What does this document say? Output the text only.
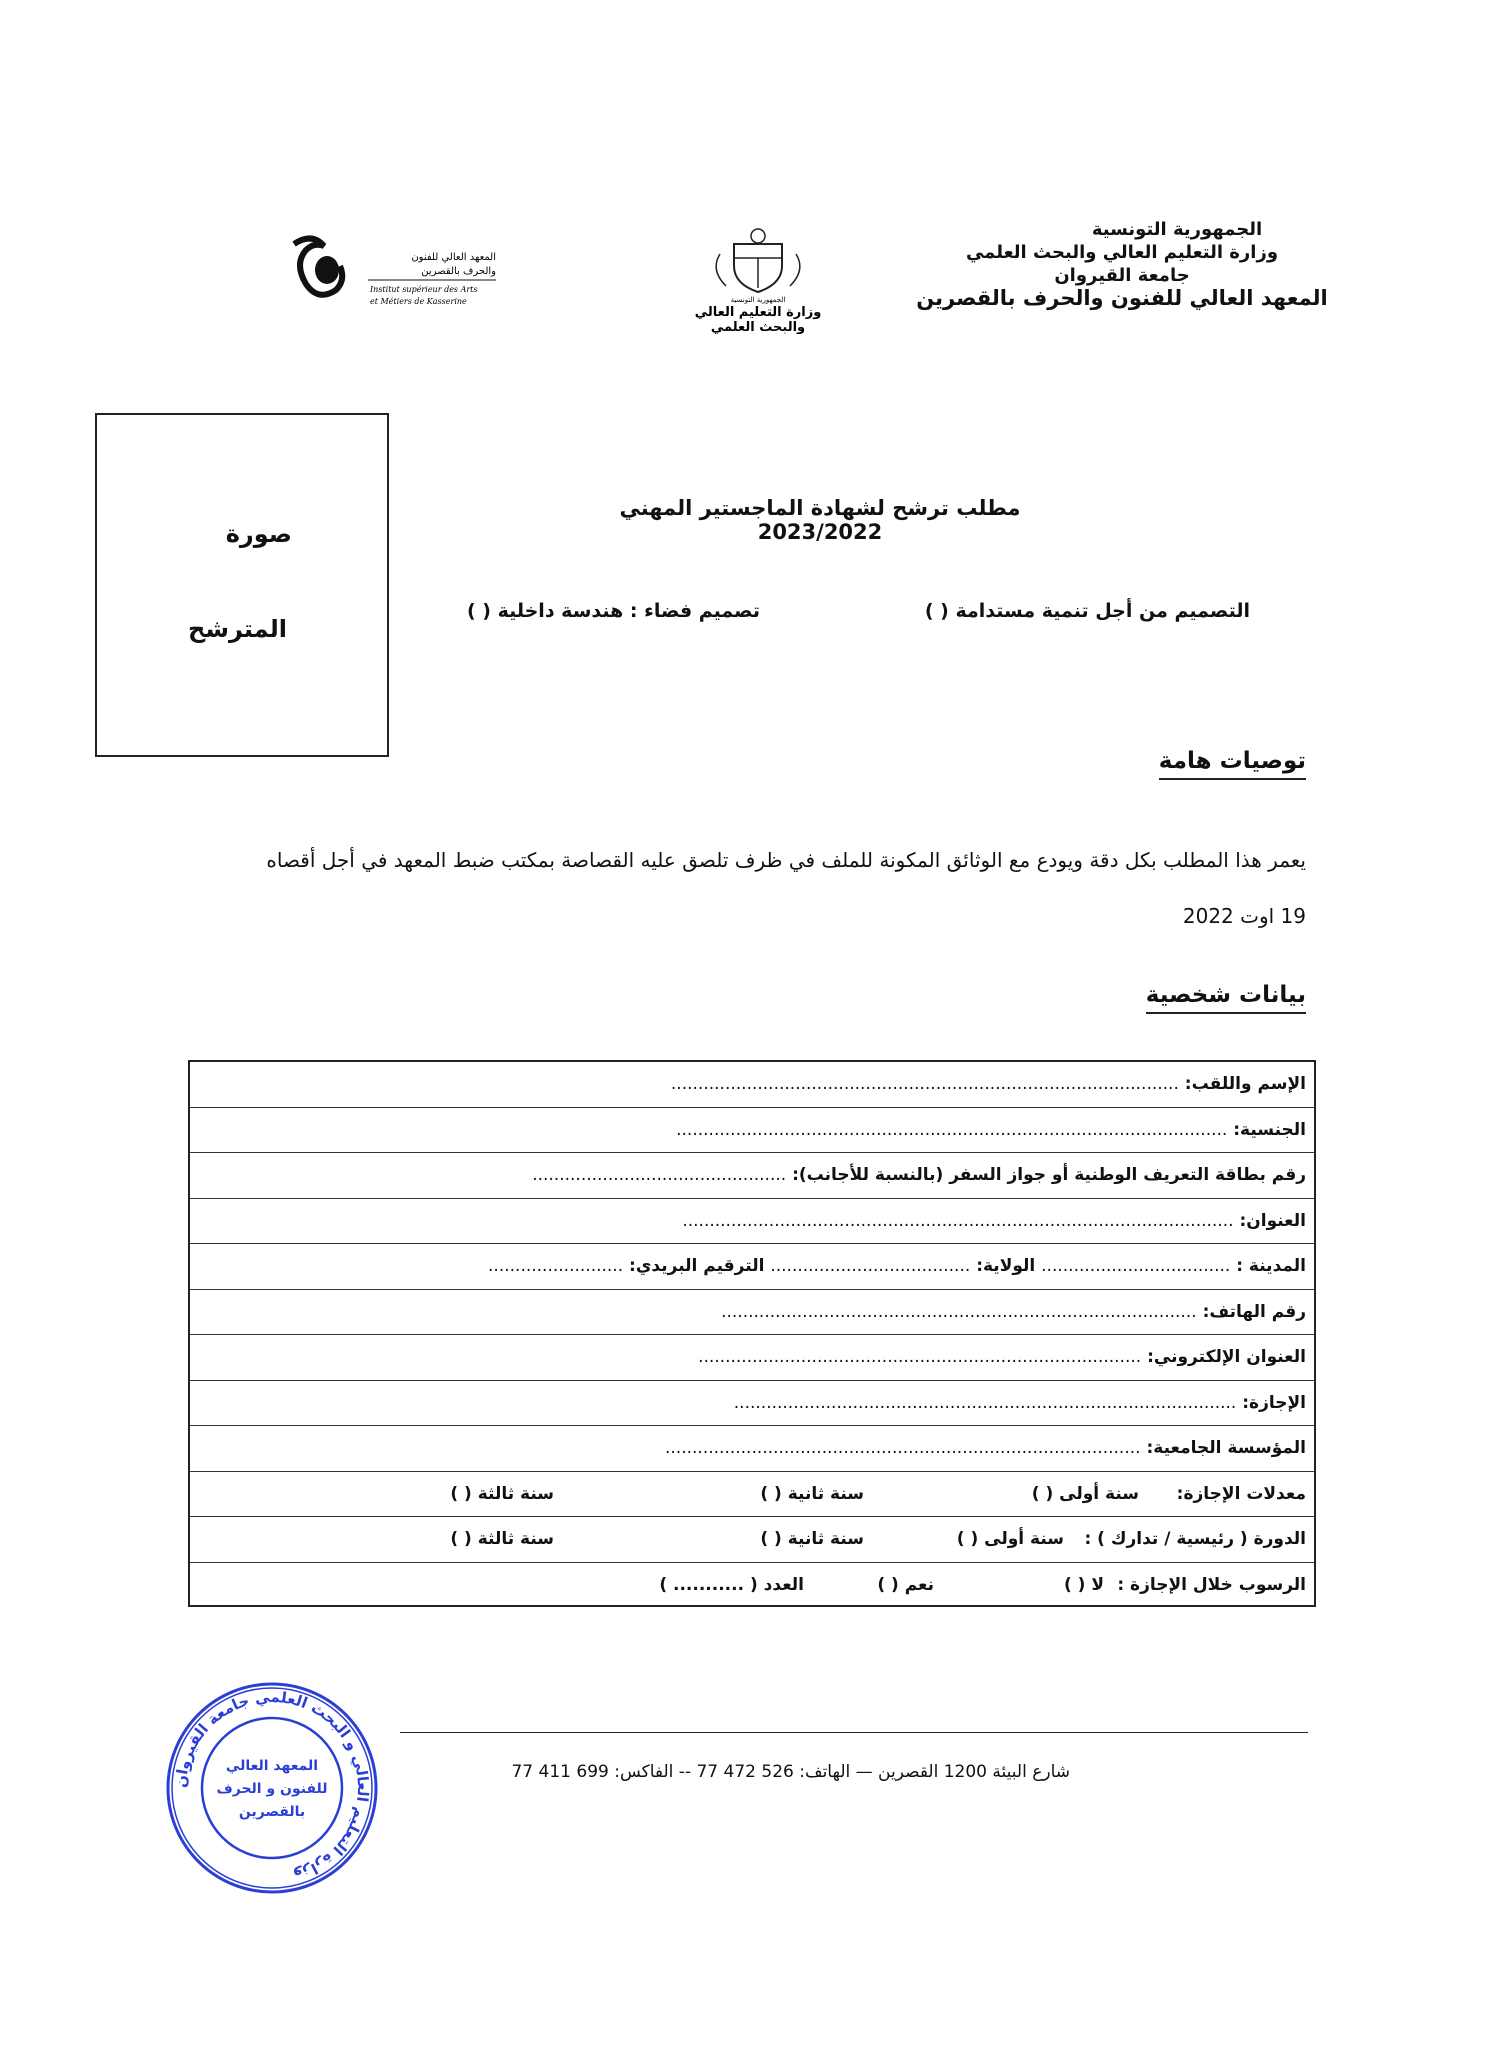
الجمهورية التونسية
وزارة التعليم العالي والبحث العلمي
جامعة القيروان
المعهد العالي للفنون والحرف بالقصرين
الجمهورية التونسية
وزارة التعليم العالي
والبحث العلمي
المعهد العالي للفنون
والحرف بالقصرين
Institut supérieur des Arts
et Métiers de Kasserine
صورة
المترشح
مطلب ترشح لشهادة الماجستير المهني 2023/2022
التصميم من أجل تنمية مستدامة ( )
تصميم فضاء : هندسة داخلية ( )
توصيات هامة
يعمر هذا المطلب بكل دقة ويودع مع الوثائق المكونة للملف في ظرف تلصق عليه القصاصة بمكتب ضبط المعهد في أجل أقصاه
19 اوت 2022
بيانات شخصية
الإسم واللقب: ..............................................................................................
الجنسية: ......................................................................................................
رقم بطاقة التعريف الوطنية أو جواز السفر (بالنسبة للأجانب): ...............................................
العنوان: ......................................................................................................
المدينة : ................................... الولاية: ..................................... الترقيم البريدي: .........................
رقم الهاتف: ........................................................................................
العنوان الإلكتروني: ..................................................................................
الإجازة: .............................................................................................
المؤسسة الجامعية: ........................................................................................
معدلات الإجازة:
سنة أولى ( )
سنة ثانية ( )
سنة ثالثة ( )
الدورة ( رئيسية / تدارك ) :
سنة أولى ( )
سنة ثانية ( )
سنة ثالثة ( )
الرسوب خلال الإجازة :
لا ( )
نعم ( )
العدد ( ........... )
شارع البيئة 1200 القصرين — الهاتف: 526 472 77 -- الفاكس: 699 411 77
وزارة التعليم العالي و البحث العلمي جامعة القيروان
المعهد العالي
للفنون و الحرف
بالقصرين
